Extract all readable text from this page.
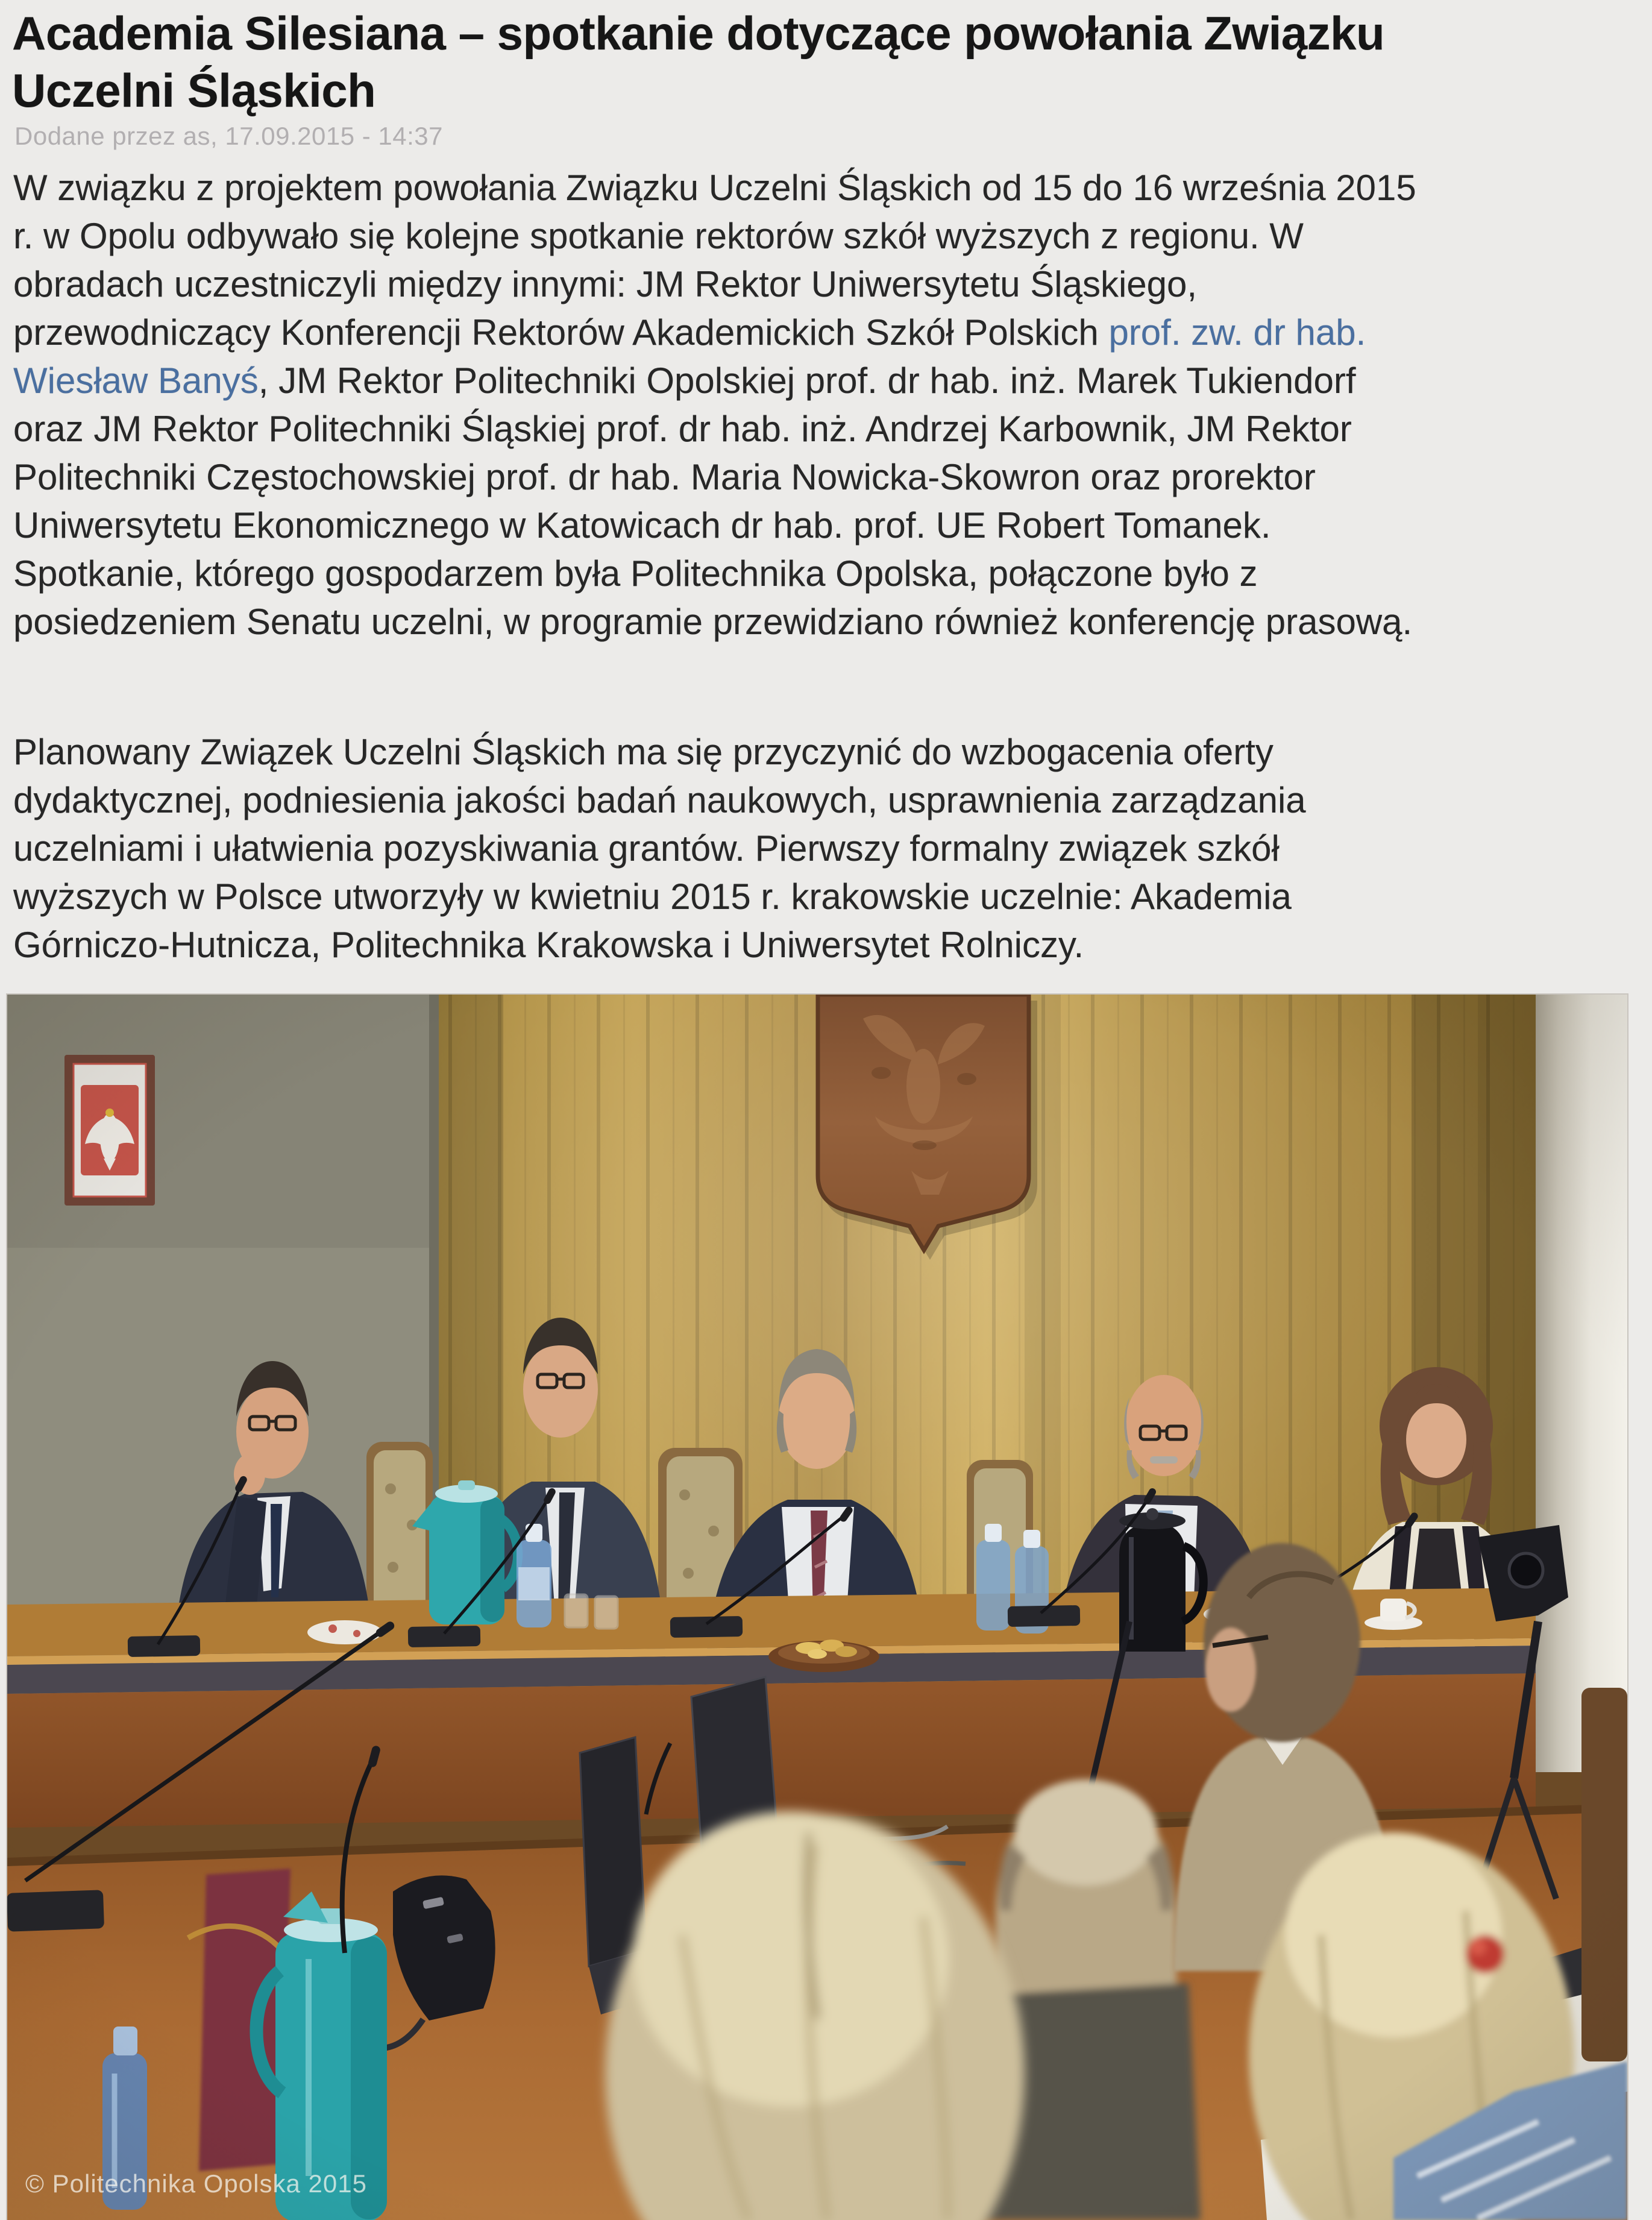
Academia Silesiana – spotkanie dotyczące powołania Związku
Uczelni Śląskich
Dodane przez as, 17.09.2015 - 14:37
W związku z projektem powołania Związku Uczelni Śląskich od 15 do 16 września 2015
r. w Opolu odbywało się kolejne spotkanie rektorów szkół wyższych z regionu. W
obradach uczestniczyli między innymi: JM Rektor Uniwersytetu Śląskiego,
przewodniczący Konferencji Rektorów Akademickich Szkół Polskich prof. zw. dr hab.
Wiesław Banyś, JM Rektor Politechniki Opolskiej prof. dr hab. inż. Marek Tukiendorf
oraz JM Rektor Politechniki Śląskiej prof. dr hab. inż. Andrzej Karbownik, JM Rektor
Politechniki Częstochowskiej prof. dr hab. Maria Nowicka-Skowron oraz prorektor
Uniwersytetu Ekonomicznego w Katowicach dr hab. prof. UE Robert Tomanek.
Spotkanie, którego gospodarzem była Politechnika Opolska, połączone było z
posiedzeniem Senatu uczelni, w programie przewidziano również konferencję prasową.
Planowany Związek Uczelni Śląskich ma się przyczynić do wzbogacenia oferty
dydaktycznej, podniesienia jakości badań naukowych, usprawnienia zarządzania
uczelniami i ułatwienia pozyskiwania grantów. Pierwszy formalny związek szkół
wyższych w Polsce utworzyły w kwietniu 2015 r. krakowskie uczelnie: Akademia
Górniczo-Hutnicza, Politechnika Krakowska i Uniwersytet Rolniczy.
© Politechnika Opolska 2015
